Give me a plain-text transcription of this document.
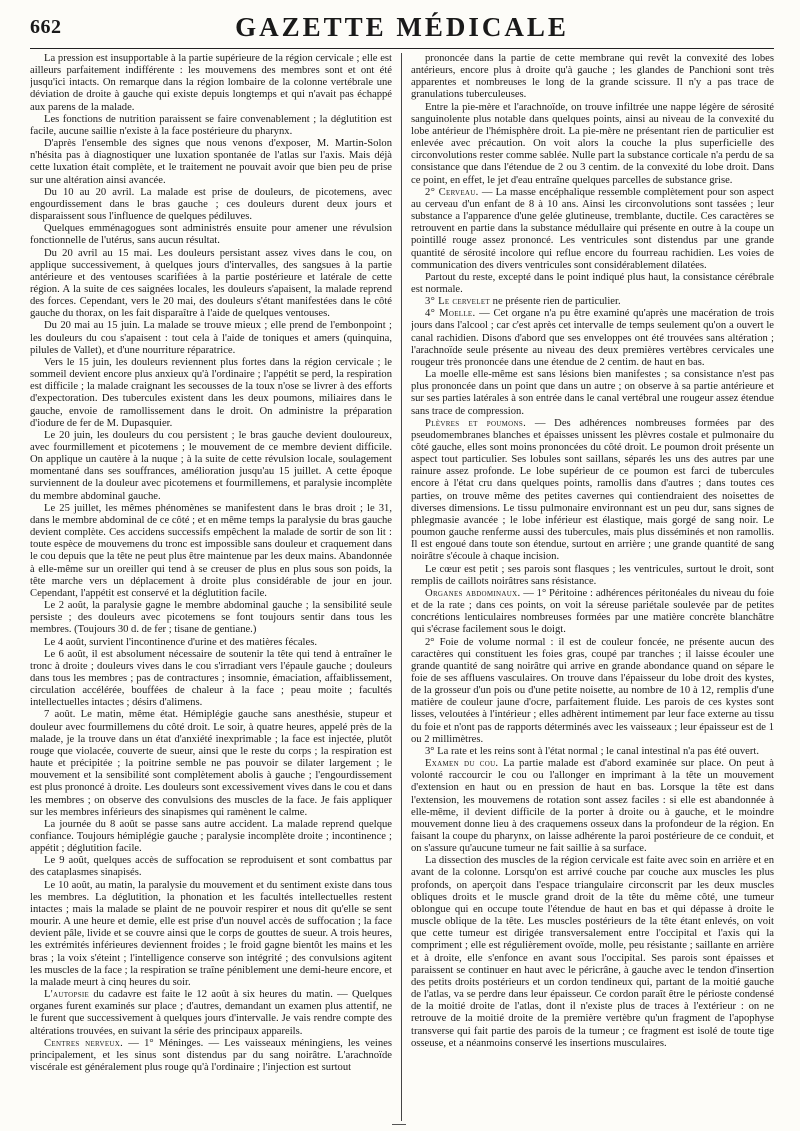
662	GAZETTE MÉDICALE

La pression est insupportable à la partie supérieure de la région cervicale ; elle est ailleurs parfaitement indifférente : les mouvemens des membres sont et ont été jusqu'ici intacts. On remarque dans la région lombaire de la colonne vertébrale une déviation de droite à gauche qui existe depuis longtemps et qui n'avait pas échappé aux parens de la malade.

Les fonctions de nutrition paraissent se faire convenablement ; la déglutition est facile, aucune saillie n'existe à la face postérieure du pharynx.

D'après l'ensemble des signes que nous venons d'exposer, M. Martin-Solon n'hésita pas à diagnostiquer une luxation spontanée de l'atlas sur l'axis. Mais déjà cette luxation était complète, et le traitement ne pouvait avoir que bien peu de prise sur une altération ainsi avancée.

Du 10 au 20 avril. La malade est prise de douleurs, de picotemens, avec engourdissement dans le bras gauche ; ces douleurs durent deux jours et disparaissent sous l'influence de quelques pédiluves.

Quelques emménagogues sont administrés ensuite pour amener une révulsion fonctionnelle de l'utérus, sans aucun résultat.

Du 20 avril au 15 mai. Les douleurs persistant assez vives dans le cou, on applique successivement, à quelques jours d'intervalles, des sangsues à la partie antérieure et des ventouses scarifiées à la partie postérieure et latérale de cette région. A la suite de ces saignées locales, les douleurs s'apaisent, la malade reprend des forces. Cependant, vers le 20 mai, des douleurs s'étant manifestées dans le côté gauche du thorax, on les fait disparaître à l'aide de quelques ventouses.

Du 20 mai au 15 juin. La malade se trouve mieux ; elle prend de l'embonpoint ; les douleurs du cou s'apaisent : tout cela à l'aide de toniques et amers (quinquina, pilules de Vallet), et d'une nourriture réparatrice.

Vers le 15 juin, les douleurs reviennent plus fortes dans la région cervicale ; le sommeil devient encore plus anxieux qu'à l'ordinaire ; l'appétit se perd, la respiration est difficile ; la malade craignant les secousses de la toux n'ose se livrer à des efforts d'expectoration. Des tubercules existent dans les deux poumons, miliaires dans le gauche, envoie de ramollissement dans le droit. On administre la préparation d'iodure de fer de M. Dupasquier.

Le 20 juin, les douleurs du cou persistent ; le bras gauche devient douloureux, avec fourmillement et picotemens ; le mouvement de ce membre devient difficile. On applique un cautère à la nuque ; à la suite de cette révulsion locale, soulagement momentané dans ses souffrances, amélioration jusqu'au 15 juillet. A cette époque surviennent de la douleur avec picotemens et fourmillemens, et paralysie incomplète du membre abdominal gauche.

Le 25 juillet, les mêmes phénomènes se manifestent dans le bras droit ; le 31, dans le membre abdominal de ce côté ; et en même temps la paralysie du bras gauche devient complète. Ces accidens successifs empêchent la malade de sortir de son lit : toute espèce de mouvemens du tronc est impossible sans douleur et craquement dans le cou depuis que la tête ne peut plus être maintenue par les deux mains. Abandonnée à elle-même sur un oreiller qui tend à se creuser de plus en plus sous son poids, la tête marche vers un déplacement à droite plus considérable de jour en jour. Cependant, l'appétit est conservé et la déglutition facile.

Le 2 août, la paralysie gagne le membre abdominal gauche ; la sensibilité seule persiste ; des douleurs avec picotemens se font toujours sentir dans tous les membres. (Toujours 30 d. de fer ; tisane de gentiane.)

Le 4 août, survient l'incontinence d'urine et des matières fécales.

Le 6 août, il est absolument nécessaire de soutenir la tête qui tend à entraîner le tronc à droite ; douleurs vives dans le cou s'irradiant vers l'épaule gauche ; douleurs dans tous les membres ; pas de contractures ; insomnie, émaciation, affaiblissement, circulation accélérée, bouffées de chaleur à la face ; peau moite ; facultés intellectuelles intactes ; désirs d'alimens.

7 août. Le matin, même état. Hémiplégie gauche sans anesthésie, stupeur et douleur avec fourmillemens du côté droit. Le soir, à quatre heures, appelé près de la malade, je la trouve dans un état d'anxiété inexprimable ; la face est injectée, plutôt rouge que violacée, couverte de sueur, ainsi que le reste du corps ; la respiration est haute et précipitée ; la poitrine semble ne pas pouvoir se dilater largement ; le mouvement et la sensibilité sont complètement abolis à gauche ; l'engourdissement est plus prononcé à droite. Les douleurs sont excessivement vives dans le cou et dans les membres ; on observe des convulsions des muscles de la face. Je fais appliquer sur les membres inférieurs des sinapismes qui ramènent le calme.

La journée du 8 août se passe sans autre accident. La malade reprend quelque confiance. Toujours hémiplégie gauche ; paralysie incomplète droite ; incontinence ; appétit ; déglutition facile.

Le 9 août, quelques accès de suffocation se reproduisent et sont combattus par des cataplasmes sinapisés.

Le 10 août, au matin, la paralysie du mouvement et du sentiment existe dans tous les membres. La déglutition, la phonation et les facultés intellectuelles restent intactes ; mais la malade se plaint de ne pouvoir respirer et nous dit qu'elle se sent mourir. A une heure et demie, elle est prise d'un nouvel accès de suffocation ; la face devient pâle, livide et se couvre ainsi que le corps de gouttes de sueur. A trois heures, les extrémités inférieures deviennent froides ; le froid gagne bientôt les mains et les bras ; la voix s'éteint ; l'intelligence conserve son intégrité ; des convulsions agitent les muscles de la face ; la respiration se traîne péniblement une demi-heure encore, et la malade meurt à cinq heures du soir.

L'autopsie du cadavre est faite le 12 août à six heures du matin. — Quelques organes furent examinés sur place ; d'autres, demandant un examen plus attentif, ne le furent que successivement à quelques jours d'intervalle. Je vais rendre compte des altérations trouvées, en suivant la série des principaux appareils.

Centres nerveux. — 1° Méninges. — Les vaisseaux méningiens, les veines principalement, et les sinus sont distendus par du sang noirâtre. L'arachnoïde viscérale est généralement plus rouge qu'à l'ordinaire ; l'injection est surtout

prononcée dans la partie de cette membrane qui revêt la convexité des lobes antérieurs, encore plus à droite qu'à gauche ; les glandes de Panchioni sont très apparentes et nombreuses le long de la grande scissure. Il n'y a pas trace de granulations tuberculeuses.

Entre la pie-mère et l'arachnoïde, on trouve infiltrée une nappe légère de sérosité sanguinolente plus notable dans quelques points, ainsi au niveau de la convexité du lobe antérieur de l'hémisphère droit. La pie-mère ne présentant rien de particulier est enlevée avec précaution. On voit alors la couche la plus superficielle des circonvolutions rester comme sablée. Nulle part la substance corticale n'a perdu de sa consistance que dans l'étendue de 2 ou 3 centim. de la convexité du lobe droit. Dans ce point, en effet, le jet d'eau entraîne quelques parcelles de substance grise.

2° Cerveau. — La masse encéphalique ressemble complètement pour son aspect au cerveau d'un enfant de 8 à 10 ans. Ainsi les circonvolutions sont tassées ; leur substance a l'apparence d'une gelée glutineuse, tremblante, ductile. Ces caractères se retrouvent en partie dans la substance médullaire qui présente en outre à la coupe un pointillé rouge assez prononcé. Les ventricules sont distendus par une grande quantité de sérosité incolore qui reflue encore du fourreau rachidien. Les voies de communication des divers ventricules sont considérablement dilatées.

Partout du reste, excepté dans le point indiqué plus haut, la consistance cérébrale est normale.

3° Le cervelet ne présente rien de particulier.

4° Moelle. — Cet organe n'a pu être examiné qu'après une macération de trois jours dans l'alcool ; car c'est après cet intervalle de temps seulement qu'on a ouvert le canal rachidien. Disons d'abord que ses enveloppes ont été trouvées sans altération ; l'arachnoïde seule présente au niveau des deux premières vertèbres cervicales une rougeur très prononcée dans une étendue de 2 centim. de haut en bas.

La moelle elle-même est sans lésions bien manifestes ; sa consistance n'est pas plus prononcée dans un point que dans un autre ; on observe à sa partie antérieure et sur ses parties latérales à son entrée dans le canal vertébral une rougeur assez étendue sans trace de compression.

Plèvres et poumons. — Des adhérences nombreuses formées par des pseudomembranes blanches et épaisses unissent les plèvres costale et pulmonaire du côté gauche, elles sont moins prononcées du côté droit. Le poumon droit présente un aspect tout particulier. Ses lobules sont saillans, séparés les uns des autres par une rainure assez profonde. Le lobe supérieur de ce poumon est farci de tubercules encore à l'état cru dans quelques points, ramollis dans d'autres ; dans toutes ces parties, on trouve même des petites cavernes qui contiendraient des noisettes de diverses dimensions. Le tissu pulmonaire environnant est un peu dur, sans signes de phlegmasie avancée ; le lobe inférieur est élastique, mais gorgé de sang noir. Le poumon gauche renferme aussi des tubercules, mais plus disséminés et non ramollis. Il est engoué dans toute son étendue, surtout en arrière ; une grande quantité de sang noirâtre s'écoule à chaque incision.

Le cœur est petit ; ses parois sont flasques ; les ventricules, surtout le droit, sont remplis de caillots noirâtres sans résistance.

Organes abdominaux. — 1° Péritoine : adhérences péritonéales du niveau du foie et de la rate ; dans ces points, on voit la séreuse pariétale soulevée par de petites concrétions lenticulaires nombreuses formées par une matière concrète blanchâtre qui s'écrase facilement sous le doigt.

2° Foie de volume normal : il est de couleur foncée, ne présente aucun des caractères qui constituent les foies gras, coupé par tranches ; il laisse écouler une grande quantité de sang noirâtre qui arrive en grande abondance quand on sépare le foie de ses affluens vasculaires. On trouve dans l'épaisseur du lobe droit des kystes, de la grosseur d'un pois ou d'une petite noisette, au nombre de 10 à 12, remplis d'une matière de couleur jaune d'ocre, parfaitement fluide. Les parois de ces kystes sont lisses, veloutées à l'intérieur ; elles adhèrent intimement par leur face externe au tissu du foie et n'ont pas de rapports déterminés avec les vaisseaux ; leur épaisseur est de 1 ou 2 millimètres.

3° La rate et les reins sont à l'état normal ; le canal intestinal n'a pas été ouvert.

Examen du cou. La partie malade est d'abord examinée sur place. On peut à volonté raccourcir le cou ou l'allonger en imprimant à la tête un mouvement d'extension en haut ou en pression de haut en bas. Lorsque la tête est dans l'extension, les mouvemens de rotation sont assez faciles : si elle est abandonnée à elle-même, il devient difficile de la porter à droite ou à gauche, et le moindre mouvement donne lieu à des craquemens osseux dans la profondeur de la région. En faisant la coupe du pharynx, on laisse adhérente la paroi postérieure de ce conduit, et on s'assure qu'aucune tumeur ne fait saillie à sa surface.

La dissection des muscles de la région cervicale est faite avec soin en arrière et en avant de la colonne. Lorsqu'on est arrivé couche par couche aux muscles les plus profonds, on aperçoit dans l'espace triangulaire circonscrit par les deux muscles obliques droits et le muscle grand droit de la tête du même côté, une tumeur oblongue qui en occupe toute l'étendue de haut en bas et qui dépasse à droite le muscle oblique de la tête. Les muscles postérieurs de la tête étant enlevés, on voit que cette tumeur est dirigée transversalement entre l'occipital et l'axis qui la compriment ; elle est régulièrement ovoïde, molle, peu résistante ; saillante en arrière et à droite, elle s'enfonce en avant sous l'occipital. Ses parois sont épaisses et paraissent se continuer en haut avec le péricrâne, à gauche avec le tendon d'insertion des petits droits postérieurs et un cordon tendineux qui, partant de la moitié gauche de l'atlas, va se perdre dans leur épaisseur. Ce cordon paraît être le périoste condensé de la moitié droite de l'atlas, dont il n'existe plus de traces à l'extérieur : on ne retrouve de la moitié droite de la première vertèbre qu'un fragment de l'apophyse transverse qui fait partie des parois de la tumeur ; ce fragment est isolé de toute tige osseuse, et a néanmoins conservé les insertions musculaires.
